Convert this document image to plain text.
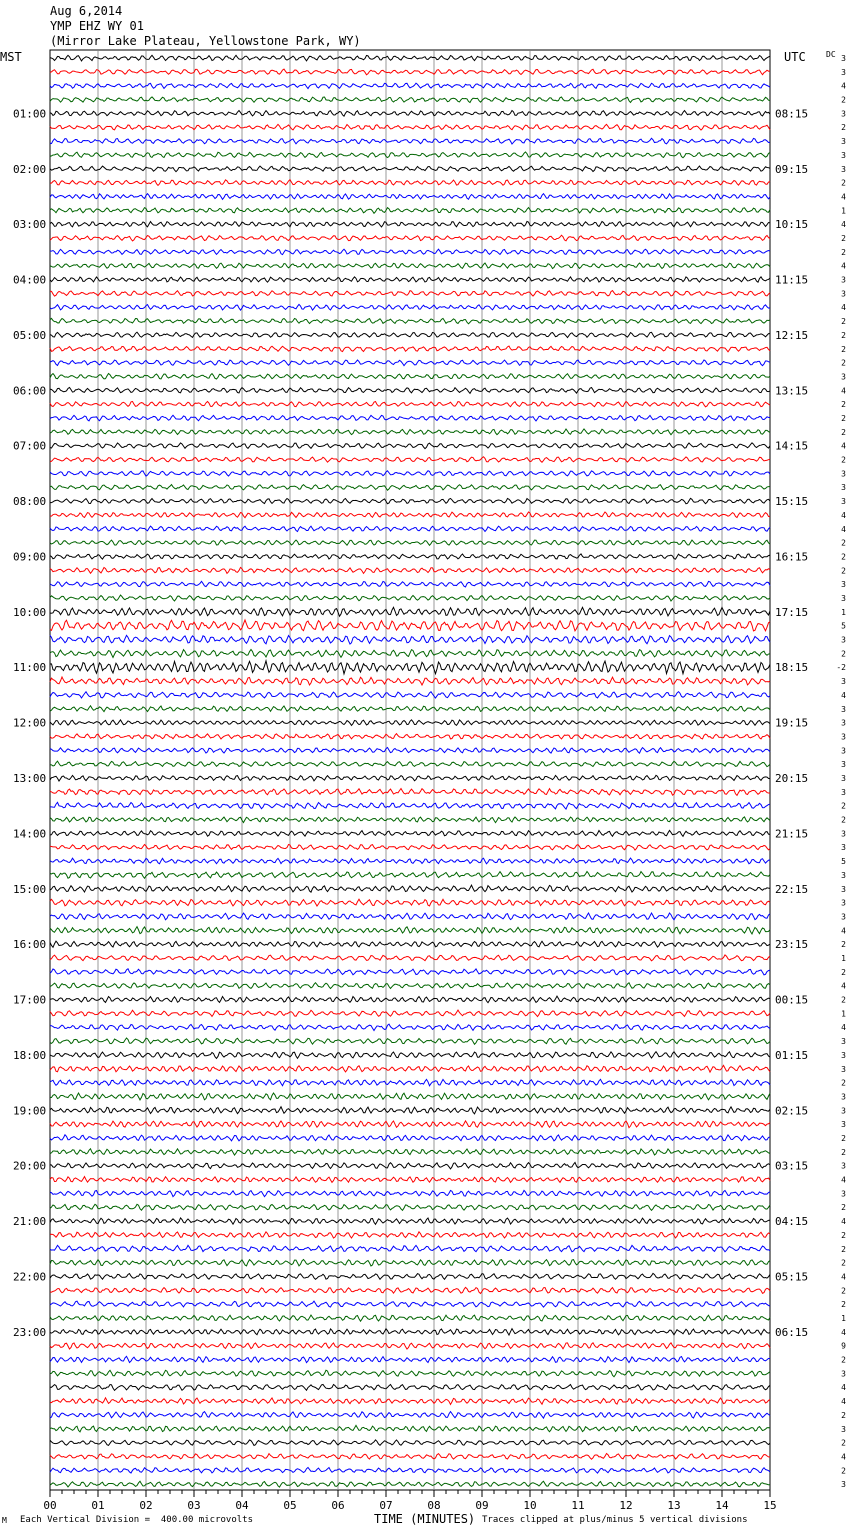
Aug 6,2014
YMP EHZ WY 01
(Mirror Lake Plateau, Yellowstone Park, WY)
01:00
02:00
03:00
04:00
05:00
06:00
07:00
08:00
09:00
10:00
11:00
12:00
13:00
14:00
15:00
16:00
17:00
18:00
19:00
20:00
21:00
22:00
23:00
08:15
09:15
10:15
11:15
12:15
13:15
14:15
15:15
16:15
17:15
18:15
19:15
20:15
21:15
22:15
23:15
00:15
01:15
02:15
03:15
04:15
05:15
06:15
3
3
4
2
3
2
3
3
3
2
4
1
4
2
2
4
3
3
4
2
2
2
2
3
4
2
2
2
4
2
3
3
3
4
4
2
2
2
3
3
1
5
3
2
-2
3
4
3
3
3
3
3
3
3
2
2
3
3
5
3
3
3
3
4
2
1
2
4
2
1
4
3
3
3
2
3
3
3
2
2
3
4
3
2
4
2
2
2
4
2
2
1
4
9
2
3
4
4
2
3
2
4
2
3
00	01	02	03	04	05	06	07	08	09	10	11	12	13	14	15
MST	UTC	DC
M Each Vertical Division =  400.00 microvolts	TIME (MINUTES) Traces clipped at plus/minus 5 vertical divisions
